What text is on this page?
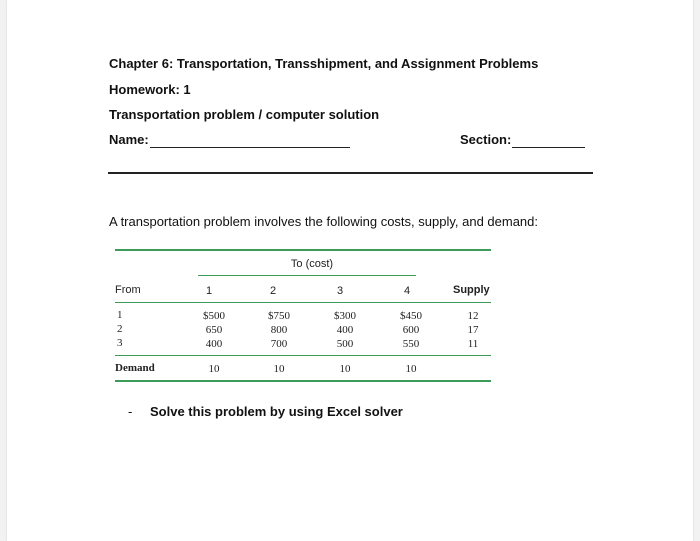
Chapter 6: Transportation, Transshipment, and Assignment Problems
Homework: 1
Transportation problem / computer solution
Name:	Section:
A transportation problem involves the following costs, supply, and demand:
To (cost)
From	1	2	3	4	Supply
1	$500	$750	$300	$450	12
2	650	800	400	600	17
3	400	700	500	550	11
Demand	10	10	10	10
- Solve this problem by using Excel solver
